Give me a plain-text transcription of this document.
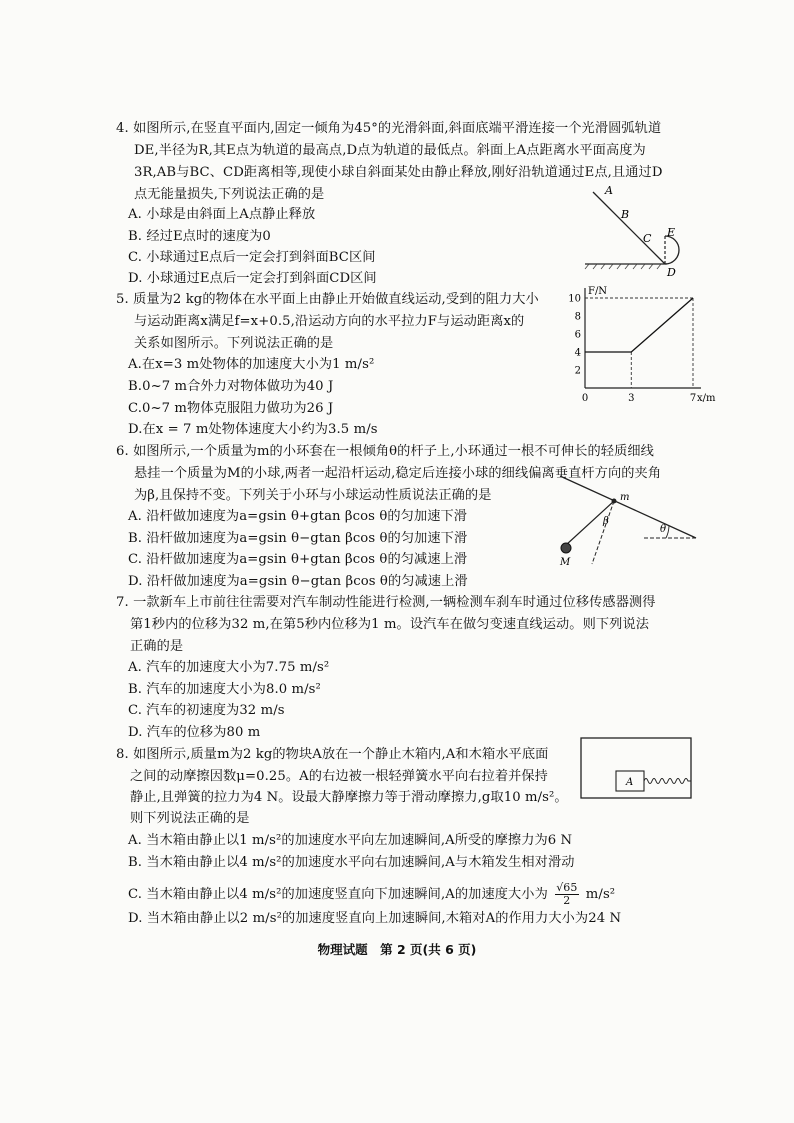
4. 如图所示,在竖直平面内,固定一倾角为45°的光滑斜面,斜面底端平滑连接一个光滑圆弧轨道
DE,半径为R,其E点为轨道的最高点,D点为轨道的最低点。斜面上A点距离水平面高度为
3R,AB与BC、CD距离相等,现使小球自斜面某处由静止释放,刚好沿轨道通过E点,且通过D
点无能量损失,下列说法正确的是
A. 小球是由斜面上A点静止释放
B. 经过E点时的速度为0
C. 小球通过E点后一定会打到斜面BC区间
D. 小球通过E点后一定会打到斜面CD区间
A
B
C
D
E
5. 质量为2 kg的物体在水平面上由静止开始做直线运动,受到的阻力大小
与运动距离x满足f=x+0.5,沿运动方向的水平拉力F与运动距离x的
关系如图所示。下列说法正确的是
A.在x=3 m处物体的加速度大小为1 m/s²
B.0~7 m合外力对物体做功为40 J
C.0~7 m物体克服阻力做功为26 J
D.在x = 7 m处物体速度大小约为3.5 m/s
2
4
6
8
10
0	3	7
F/N
x/m
6. 如图所示,一个质量为m的小环套在一根倾角θ的杆子上,小环通过一根不可伸长的轻质细线
悬挂一个质量为M的小球,两者一起沿杆运动,稳定后连接小球的细线偏离垂直杆方向的夹角
为β,且保持不变。下列关于小环与小球运动性质说法正确的是
A. 沿杆做加速度为a=gsin θ+gtan βcos θ的匀加速下滑
B. 沿杆做加速度为a=gsin θ−gtan βcos θ的匀加速下滑
C. 沿杆做加速度为a=gsin θ+gtan βcos θ的匀减速上滑
D. 沿杆做加速度为a=gsin θ−gtan βcos θ的匀减速上滑
m
β
θ
M
7. 一款新车上市前往往需要对汽车制动性能进行检测,一辆检测车刹车时通过位移传感器测得
第1秒内的位移为32 m,在第5秒内位移为1 m。设汽车在做匀变速直线运动。则下列说法
正确的是
A. 汽车的加速度大小为7.75 m/s²
B. 汽车的加速度大小为8.0 m/s²
C. 汽车的初速度为32 m/s
D. 汽车的位移为80 m
8. 如图所示,质量m为2 kg的物块A放在一个静止木箱内,A和木箱水平底面
之间的动摩擦因数μ=0.25。A的右边被一根轻弹簧水平向右拉着并保持
静止,且弹簧的拉力为4 N。设最大静摩擦力等于滑动摩擦力,g取10 m/s²。
则下列说法正确的是
A. 当木箱由静止以1 m/s²的加速度水平向左加速瞬间,A所受的摩擦力为6 N
B. 当木箱由静止以4 m/s²的加速度水平向右加速瞬间,A与木箱发生相对滑动
C. 当木箱由静止以4 m/s²的加速度竖直向下加速瞬间,A的加速度大小为 $\frac{√65}{2} m/s^2$
D. 当木箱由静止以2 m/s²的加速度竖直向上加速瞬间,木箱对A的作用力大小为24 N
A
物理试题　第 2 页(共 6 页)
